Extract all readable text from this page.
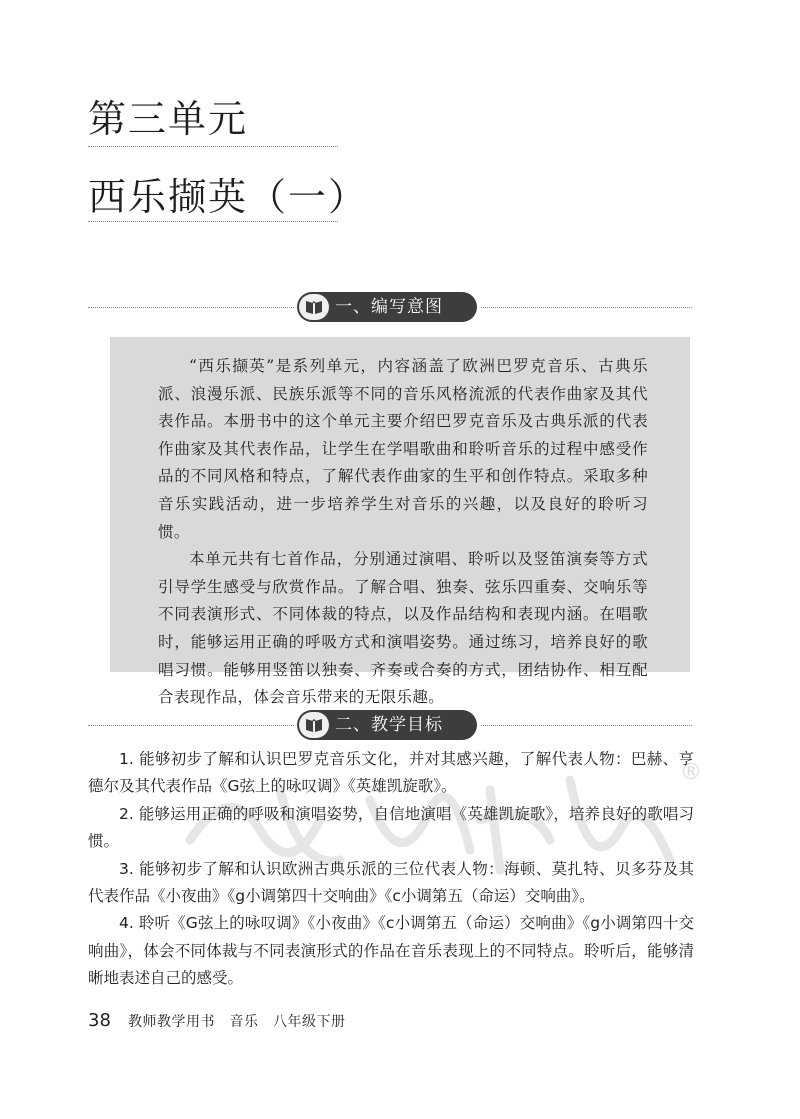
第三单元
西乐撷英（一）
一、编写意图

“西乐撷英”是系列单元，内容涵盖了欧洲巴罗克音乐、古典乐派、浪漫乐派、民族乐派等不同的音乐风格流派的代表作曲家及其代表作品。本册书中的这个单元主要介绍巴罗克音乐及古典乐派的代表作曲家及其代表作品，让学生在学唱歌曲和聆听音乐的过程中感受作品的不同风格和特点，了解代表作曲家的生平和创作特点。采取多种音乐实践活动，进一步培养学生对音乐的兴趣，以及良好的聆听习惯。

本单元共有七首作品，分别通过演唱、聆听以及竖笛演奏等方式引导学生感受与欣赏作品。了解合唱、独奏、弦乐四重奏、交响乐等不同表演形式、不同体裁的特点，以及作品结构和表现内涵。在唱歌时，能够运用正确的呼吸方式和演唱姿势。通过练习，培养良好的歌唱习惯。能够用竖笛以独奏、齐奏或合奏的方式，团结协作、相互配合表现作品，体会音乐带来的无限乐趣。

二、教学目标
®

1. 能够初步了解和认识巴罗克音乐文化，并对其感兴趣，了解代表人物：巴赫、亨德尔及其代表作品《G弦上的咏叹调》《英雄凯旋歌》。

2. 能够运用正确的呼吸和演唱姿势，自信地演唱《英雄凯旋歌》，培养良好的歌唱习惯。

3. 能够初步了解和认识欧洲古典乐派的三位代表人物：海顿、莫扎特、贝多芬及其代表作品《小夜曲》《g小调第四十交响曲》《c小调第五（命运）交响曲》。

4. 聆听《G弦上的咏叹调》《小夜曲》《c小调第五（命运）交响曲》《g小调第四十交响曲》，体会不同体裁与不同表演形式的作品在音乐表现上的不同特点。聆听后，能够清晰地表述自己的感受。

38 教师教学用书　音乐　八年级下册
